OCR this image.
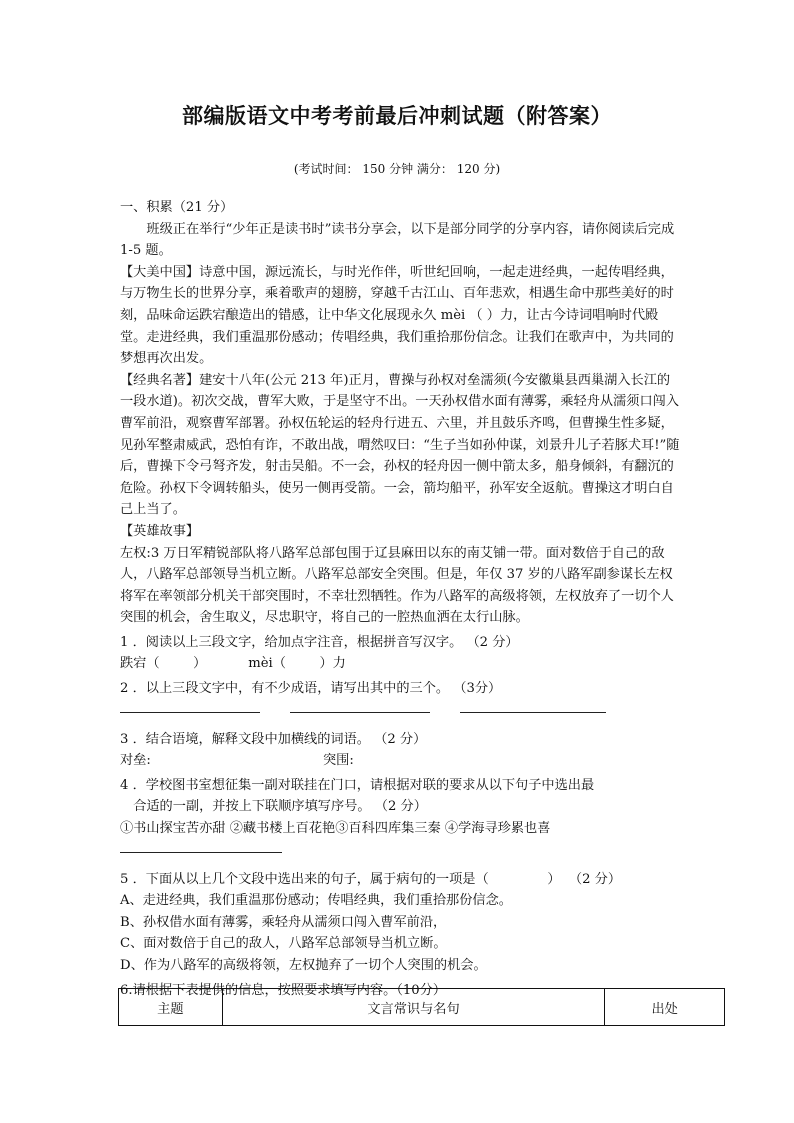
部编版语文中考考前最后冲刺试题（附答案）
(考试时间： 150 分钟 满分： 120 分)

一、积累（21 分）

班级正在举行“少年正是读书时”读书分享会，以下是部分同学的分享内容，请你阅读后完成 1-5 题。

【大美中国】诗意中国，源远流长，与时光作伴，听世纪回响，一起走进经典，一起传唱经典，与万物生长的世界分享，乘着歌声的翅膀，穿越千古江山、百年悲欢，相遇生命中那些美好的时刻，品味命运跌宕酿造出的错感，让中华文化展现永久 mèi （ ）力，让古今诗词唱响时代殿堂。走进经典，我们重温那份感动；传唱经典，我们重拾那份信念。让我们在歌声中，为共同的梦想再次出发。

【经典名著】建安十八年(公元 213 年)正月，曹操与孙权对垒濡须(今安徽巢县西巢湖入长江的一段水道)。初次交战，曹军大败，于是坚守不出。一天孙权借水面有薄雾，乘轻舟从濡须口闯入曹军前沿，观察曹军部署。孙权伍轮运的轻舟行进五、六里，并且鼓乐齐鸣，但曹操生性多疑，见孙军整肃威武，恐怕有诈，不敢出战，喟然叹曰：“生子当如孙仲谋，刘景升儿子若豚犬耳!”随后，曹操下令弓弩齐发，射击吴船。不一会，孙权的轻舟因一侧中箭太多，船身倾斜，有翻沉的危险。孙权下令调转船头，使另一侧再受箭。一会，箭均船平，孙军安全返航。曹操这才明白自己上当了。

【英雄故事】

左权:3 万日军精锐部队将八路军总部包围于辽县麻田以东的南艾铺一带。面对数倍于自己的敌人，八路军总部领导当机立断。八路军总部安全突围。但是，年仅 37 岁的八路军副参谋长左权将军在率领部分机关干部突围时，不幸壮烈牺牲。作为八路军的高级将领，左权放弃了一切个人突围的机会，舍生取义，尽忠职守，将自己的一腔热血洒在太行山脉。

1 ．阅读以上三段文字，给加点字注音，根据拼音写汉字。 （2 分）

跌宕（        ）          mèi（        ）力

2 ．以上三段文字中，有不少成语，请写出其中的三个。 （3分）

3 ．结合语境，解释文段中加横线的词语。 （2 分）

对垒:	突围:

4 ．学校图书室想征集一副对联挂在门口，请根据对联的要求从以下句子中选出最

合适的一副，并按上下联顺序填写序号。 （2 分）

①书山探宝苦亦甜 ②藏书楼上百花艳③百科四库集三秦 ④学海寻珍累也喜

5 ．下面从以上几个文段中选出来的句子，属于病句的一项是（              ）  （2 分）

A、走进经典，我们重温那份感动；传唱经典，我们重拾那份信念。

B、孙权借水面有薄雾，乘轻舟从濡须口闯入曹军前沿，

C、面对数倍于自己的敌人，八路军总部领导当机立断。

D、作为八路军的高级将领，左权抛弃了一切个人突围的机会。

6.请根据下表提供的信息，按照要求填写内容。（10分）

主题	文言常识与名句	出处
